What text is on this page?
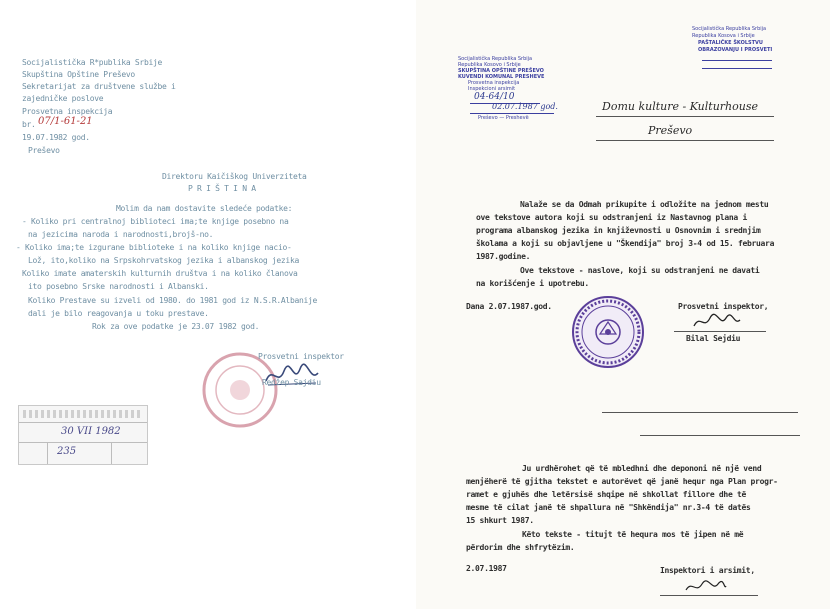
Socijalistička R*publika Srbije
Skupština Opštine Preševo
Sekretarijat za društvene službe i
zajedničke poslove
Prosvetna inspekcija
br. 07/1-61-21
19.07.1982 god.
Preševo
Direktoru Kaičiškog Univerziteta
P R I Š T I N A
Molim da nam dostavite sledeće podatke:
- Koliko pri centralnoj biblioteci ima;te knjige posebno na
na jezicima naroda i narodnosti,brojš-no.
- Koliko ima;te izgurane biblioteke i na koliko knjige nacio-
Lož, ito,koliko na Srpskohrvatskog jezika i albanskog jezika
Koliko imate amaterskih kulturnih društva i na koliko članova
ito posebno Srske narodnosti i Albanski.
Koliko Prestave su izveli od 1980. do 1981 god iz N.S.R.Albanije
dali je bilo reagovanja u toku prestave.
Rok za ove podatke je 23.07 1982 god.
Prosvetni inspektor
Redžep Sajdiu
30 VII 1982
235
Socijalistička Republika Srbija
Republika Kosovo i Srbije
SKUPŠTINA OPŠTINE PREŠEVO
KUVENDI KOMUNAL PRESHEVE
Prosvetna inspekcija
Inspekcioni arsimit
04-64/10
02.07.1987 god.
Preševo — Preshevë
Socijalistička Republika Srbija
Republika Kosova i Srbije
PAŠTALIČKE ŠKOLSTVU
OBRAZOVANJU I PROSVETI
Domu kulture - Kulturhouse
Preševo
Nalaže se da Odmah prikupite i odložite na jednom mestu
ove tekstove autora koji su odstranjeni iz Nastavnog plana i
programa albanskog jezika in književnosti u Osnovnim i srednjim
školama a koji su objavljene u "Škendija" broj 3-4 od 15. februara
1987.godine.
Ove tekstove - naslove, koji su odstranjeni ne davati
na korišćenje i upotrebu.
Dana 2.07.1987.god.	Prosvetni inspektor,
Bilal Sejdiu
Ju urdhërohet që të mbledhni dhe depononi në një vend
menjëherë të gjitha tekstet e autorëvet që janë hequr nga Plan progr-
ramet e gjuhës dhe letërsisë shqipe në shkollat fillore dhe të
mesme të cilat janë të shpallura në "Shkëndija" nr.3-4 të datës
15 shkurt 1987.
Këto tekste - titujt të hequra mos të jipen në më
përdorim dhe shfrytëzim.
2.07.1987	Inspektori i arsimit,
